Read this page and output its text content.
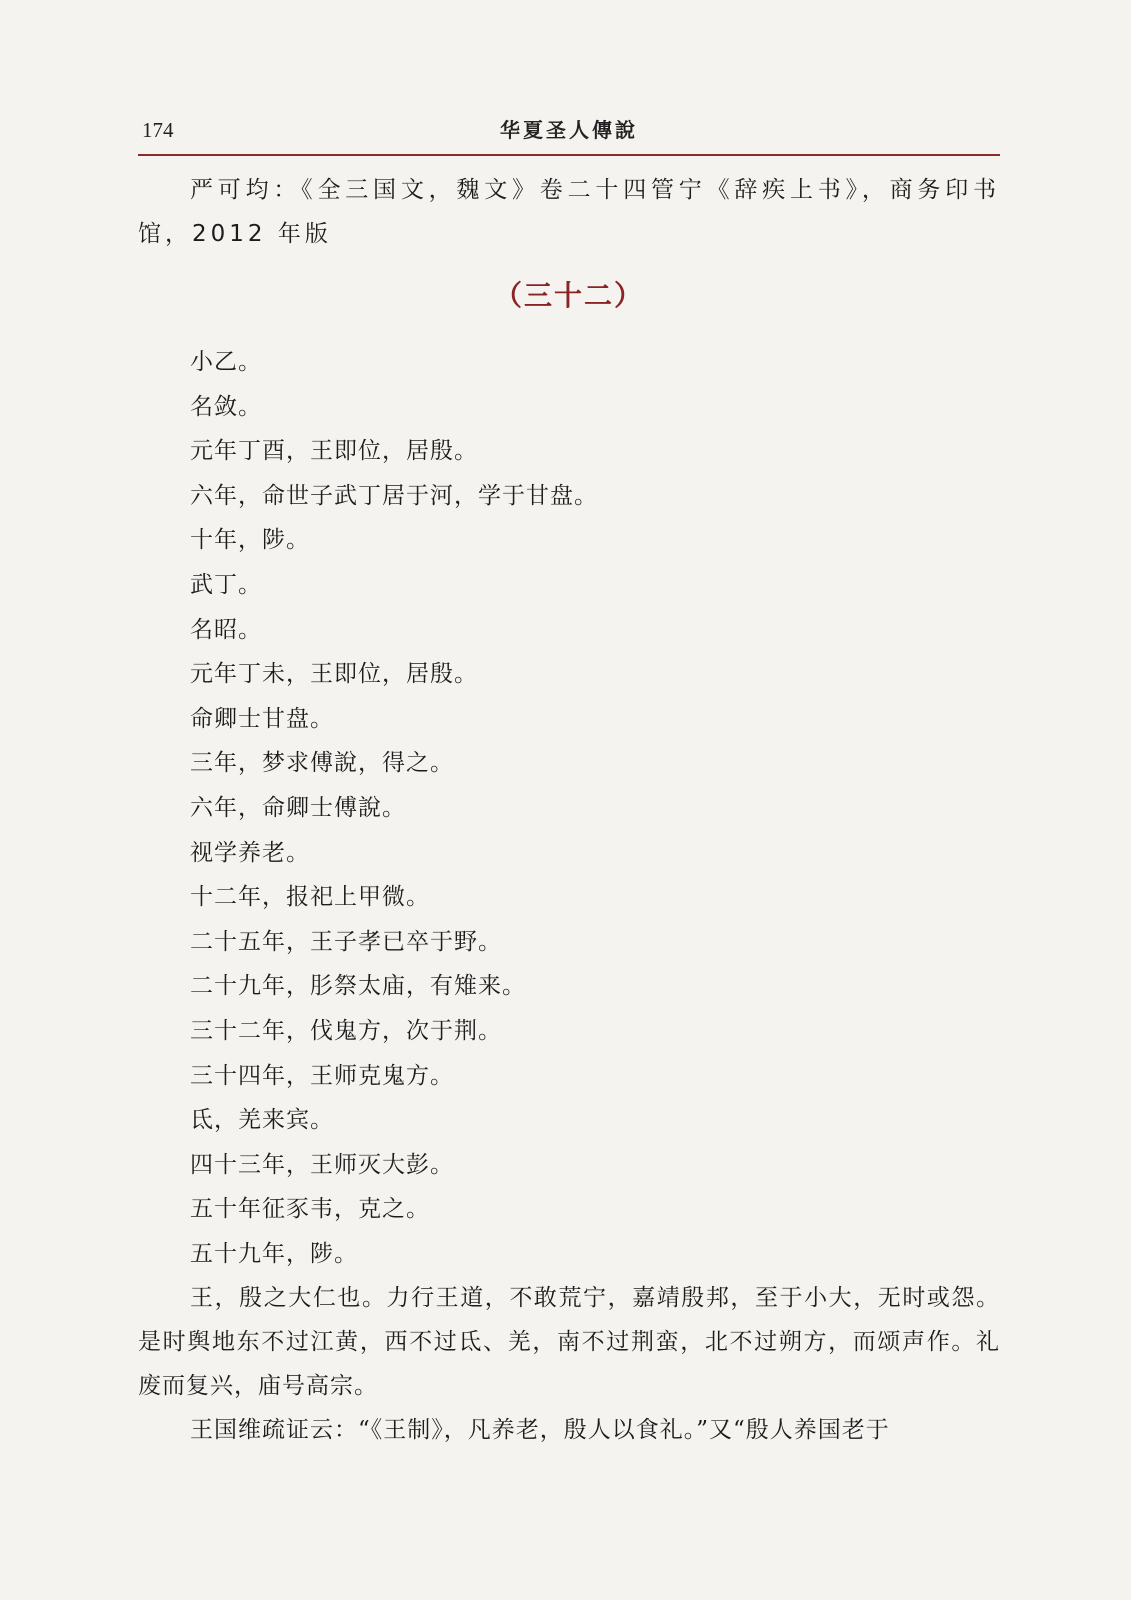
174	华夏圣人傳說

严可均：《全三国文，魏文》卷二十四管宁《辞疾上书》，商务印书馆，2012 年版

（三十二）
小乙。
名敛。
元年丁酉，王即位，居殷。
六年，命世子武丁居于河，学于甘盘。
十年，陟。
武丁。
名昭。
元年丁未，王即位，居殷。
命卿士甘盘。
三年，梦求傅說，得之。
六年，命卿士傅說。
视学养老。
十二年，报祀上甲微。
二十五年，王子孝已卒于野。
二十九年，肜祭太庙，有雉来。
三十二年，伐鬼方，次于荆。
三十四年，王师克鬼方。
氐，羌来宾。
四十三年，王师灭大彭。
五十年征豕韦，克之。
五十九年，陟。

王，殷之大仁也。力行王道，不敢荒宁，嘉靖殷邦，至于小大，无时或怨。是时舆地东不过江黄，西不过氐、羌，南不过荆蛮，北不过朔方，而颂声作。礼废而复兴，庙号高宗。

王国维疏证云：“《王制》，凡养老，殷人以食礼。”又“殷人养国老于
